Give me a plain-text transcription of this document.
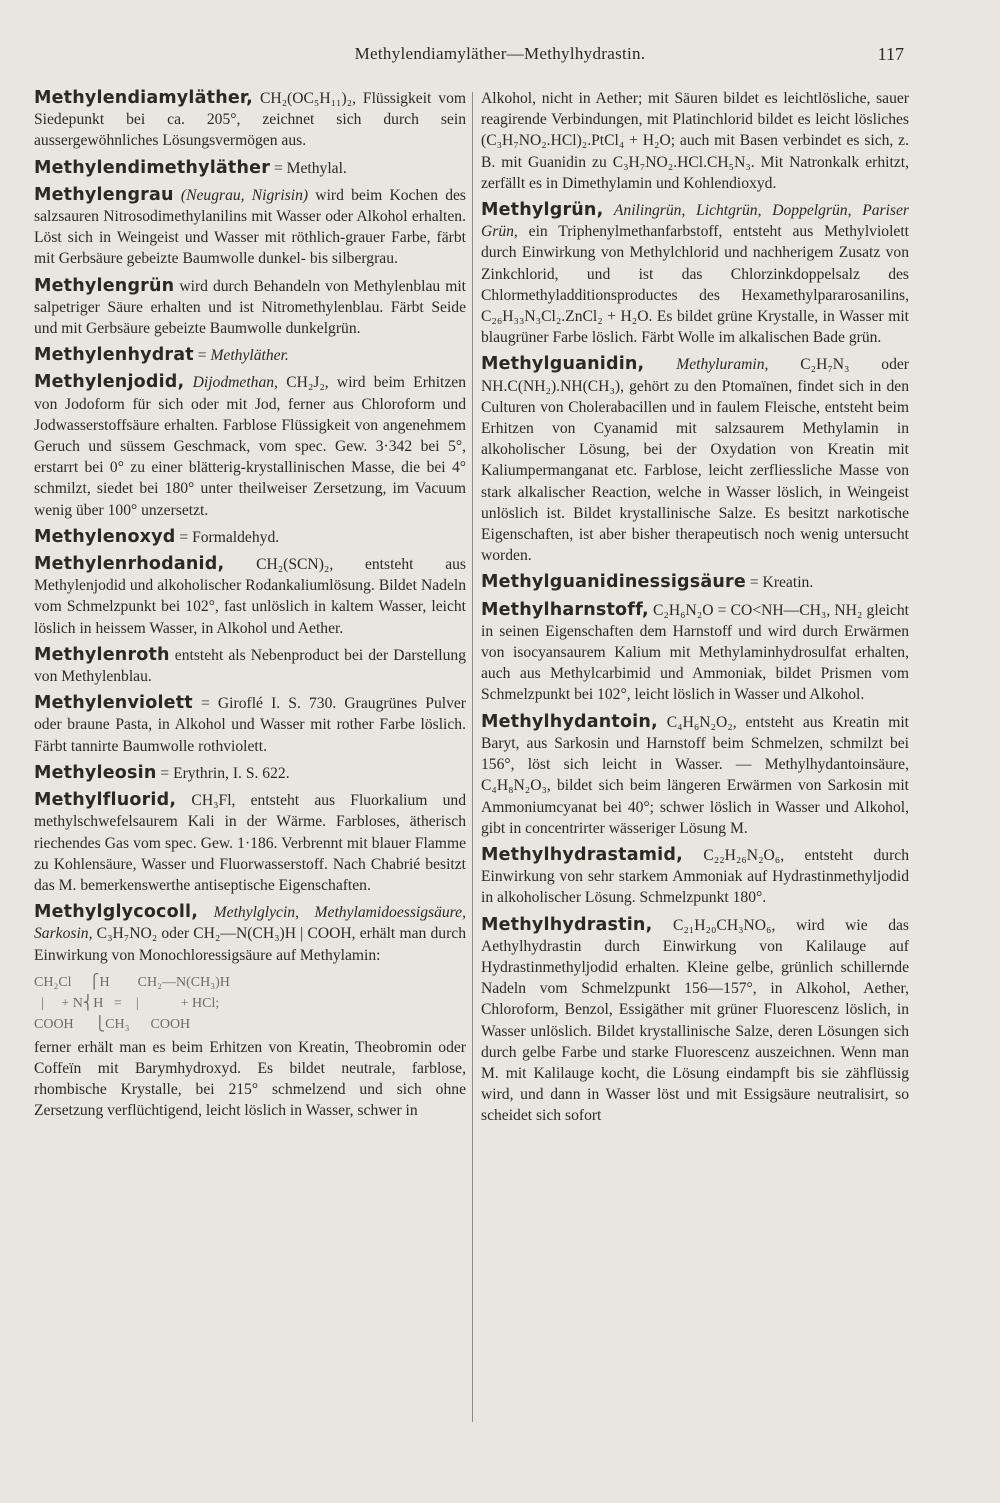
Methylendiamyläther—Methylhydrastin.	117

Methylendiamyläther, CH₂(OC₅H₁₁)₂, Flüssigkeit vom Siedepunkt bei ca. 205°, zeichnet sich durch sein aussergewöhnliches Lösungsvermögen aus.

Methylendimethyläther = Methylal.

Methylengrau (Neugrau, Nigrisin) wird beim Kochen des salzsauren Nitrosodimethylanilins mit Wasser oder Alkohol erhalten. Löst sich in Weingeist und Wasser mit röthlich-grauer Farbe, färbt mit Gerbsäure gebeizte Baumwolle dunkel- bis silbergrau.

Methylengrün wird durch Behandeln von Methylenblau mit salpetriger Säure erhalten und ist Nitromethylenblau. Färbt Seide und mit Gerbsäure gebeizte Baumwolle dunkelgrün.

Methylenhydrat = Methyläther.

Methylenjodid, Dijodmethan, CH₂J₂, wird beim Erhitzen von Jodoform für sich oder mit Jod, ferner aus Chloroform und Jodwasserstoffsäure erhalten. Farblose Flüssigkeit von angenehmem Geruch und süssem Geschmack, vom spec. Gew. 3·342 bei 5°, erstarrt bei 0° zu einer blätterig-krystallinischen Masse, die bei 4° schmilzt, siedet bei 180° unter theilweiser Zersetzung, im Vacuum wenig über 100° unzersetzt.

Methylenoxyd = Formaldehyd.

Methylenrhodanid, CH₂(SCN)₂, entsteht aus Methylenjodid und alkoholischer Rodankaliumlösung. Bildet Nadeln vom Schmelzpunkt bei 102°, fast unlöslich in kaltem Wasser, leicht löslich in heissem Wasser, in Alkohol und Aether.

Methylenroth entsteht als Nebenproduct bei der Darstellung von Methylenblau.

Methylenviolett = Giroflé I. S. 730. Graugrünes Pulver oder braune Pasta, in Alkohol und Wasser mit rother Farbe löslich. Färbt tannirte Baumwolle rothviolett.

Methyleosin = Erythrin, I. S. 622.

Methylfluorid, CH₃Fl, entsteht aus Fluorkalium und methylschwefelsaurem Kali in der Wärme. Farbloses, ätherisch riechendes Gas vom spec. Gew. 1·186. Verbrennt mit blauer Flamme zu Kohlensäure, Wasser und Fluorwasserstoff. Nach Chabrié besitzt das M. bemerkenswerthe antiseptische Eigenschaften.

Methylglycocoll, Methylglycin, Methylamidoessigsäure, Sarkosin, C₃H₇NO₂ oder CH₂—N(CH₃)H | COOH, erhält man durch Einwirkung von Monochloressigsäure auf Methylamin:

CH₂Cl     ⎧H        CH₂—N(CH₃)H
|     + N⎨H   =    |            + HCl;
COOH      ⎩CH₃      COOH

ferner erhält man es beim Erhitzen von Kreatin, Theobromin oder Coffeïn mit Barymhydroxyd. Es bildet neutrale, farblose, rhombische Krystalle, bei 215° schmelzend und sich ohne Zersetzung verflüchtigend, leicht löslich in Wasser, schwer in

Alkohol, nicht in Aether; mit Säuren bildet es leichtlösliche, sauer reagirende Verbindungen, mit Platinchlorid bildet es leicht lösliches (C₃H₇NO₂.HCl)₂.PtCl₄ + H₂O; auch mit Basen verbindet es sich, z. B. mit Guanidin zu C₃H₇NO₂.HCl.CH₅N₃. Mit Natronkalk erhitzt, zerfällt es in Dimethylamin und Kohlendioxyd.

Methylgrün, Anilingrün, Lichtgrün, Doppelgrün, Pariser Grün, ein Triphenylmethanfarbstoff, entsteht aus Methylviolett durch Einwirkung von Methylchlorid und nachherigem Zusatz von Zinkchlorid, und ist das Chlorzinkdoppelsalz des Chlormethyladditionsproductes des Hexamethylpararosanilins, C₂₆H₃₃N₃Cl₂.ZnCl₂ + H₂O. Es bildet grüne Krystalle, in Wasser mit blaugrüner Farbe löslich. Färbt Wolle im alkalischen Bade grün.

Methylguanidin, Methyluramin, C₂H₇N₃ oder NH.C(NH₂).NH(CH₃), gehört zu den Ptomaïnen, findet sich in den Culturen von Cholerabacillen und in faulem Fleische, entsteht beim Erhitzen von Cyanamid mit salzsaurem Methylamin in alkoholischer Lösung, bei der Oxydation von Kreatin mit Kaliumpermanganat etc. Farblose, leicht zerfliessliche Masse von stark alkalischer Reaction, welche in Wasser löslich, in Weingeist unlöslich ist. Bildet krystallinische Salze. Es besitzt narkotische Eigenschaften, ist aber bisher therapeutisch noch wenig untersucht worden.

Methylguanidinessigsäure = Kreatin.

Methylharnstoff, C₂H₆N₂O = CO<NH—CH₃, NH₂ gleicht in seinen Eigenschaften dem Harnstoff und wird durch Erwärmen von isocyansaurem Kalium mit Methylaminhydrosulfat erhalten, auch aus Methylcarbimid und Ammoniak, bildet Prismen vom Schmelzpunkt bei 102°, leicht löslich in Wasser und Alkohol.

Methylhydantoin, C₄H₆N₂O₂, entsteht aus Kreatin mit Baryt, aus Sarkosin und Harnstoff beim Schmelzen, schmilzt bei 156°, löst sich leicht in Wasser. — Methylhydantoinsäure, C₄H₈N₂O₃, bildet sich beim längeren Erwärmen von Sarkosin mit Ammoniumcyanat bei 40°; schwer löslich in Wasser und Alkohol, gibt in concentrirter wässeriger Lösung M.

Methylhydrastamid, C₂₂H₂₆N₂O₆, entsteht durch Einwirkung von sehr starkem Ammoniak auf Hydrastinmethyljodid in alkoholischer Lösung. Schmelzpunkt 180°.

Methylhydrastin, C₂₁H₂₀CH₃NO₆, wird wie das Aethylhydrastin durch Einwirkung von Kalilauge auf Hydrastinmethyljodid erhalten. Kleine gelbe, grünlich schillernde Nadeln vom Schmelzpunkt 156—157°, in Alkohol, Aether, Chloroform, Benzol, Essigäther mit grüner Fluorescenz löslich, in Wasser unlöslich. Bildet krystallinische Salze, deren Lösungen sich durch gelbe Farbe und starke Fluorescenz auszeichnen. Wenn man M. mit Kalilauge kocht, die Lösung eindampft bis sie zähflüssig wird, und dann in Wasser löst und mit Essigsäure neutralisirt, so scheidet sich sofort
